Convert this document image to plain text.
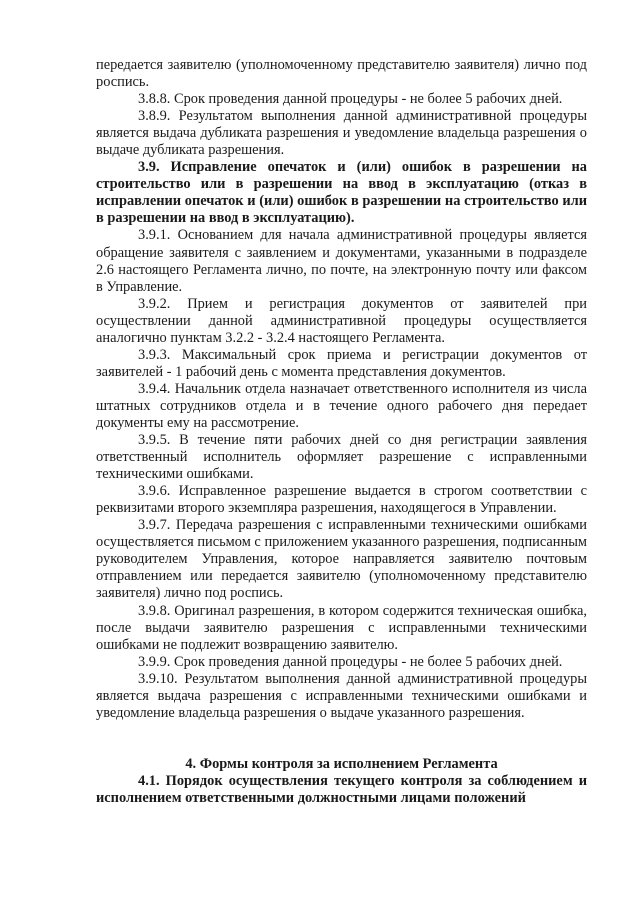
передается заявителю (уполномоченному представителю заявителя) лично под роспись.

3.8.8. Срок проведения данной процедуры - не более 5 рабочих дней.

3.8.9. Результатом выполнения данной административной процедуры является выдача дубликата разрешения и уведомление владельца разрешения о выдаче дубликата разрешения.

3.9. Исправление опечаток и (или) ошибок в разрешении на строительство или в разрешении на ввод в эксплуатацию (отказ в исправлении опечаток и (или) ошибок в разрешении на строительство или в разрешении на ввод в эксплуатацию).

3.9.1. Основанием для начала административной процедуры является обращение заявителя с заявлением и документами, указанными в подразделе 2.6 настоящего Регламента лично, по почте, на электронную почту или факсом в Управление.

3.9.2. Прием и регистрация документов от заявителей при осуществлении данной административной процедуры осуществляется аналогично пунктам 3.2.2 - 3.2.4 настоящего Регламента.

3.9.3. Максимальный срок приема и регистрации документов от заявителей - 1 рабочий день с момента представления документов.

3.9.4. Начальник отдела назначает ответственного исполнителя из числа штатных сотрудников отдела и в течение одного рабочего дня передает документы ему на рассмотрение.

3.9.5. В течение пяти рабочих дней со дня регистрации заявления ответственный исполнитель оформляет разрешение с исправленными техническими ошибками.

3.9.6. Исправленное разрешение выдается в строгом соответствии с реквизитами второго экземпляра разрешения, находящегося в Управлении.

3.9.7. Передача разрешения с исправленными техническими ошибками осуществляется письмом с приложением указанного разрешения, подписанным руководителем Управления, которое направляется заявителю почтовым отправлением или передается заявителю (уполномоченному представителю заявителя) лично под роспись.

3.9.8. Оригинал разрешения, в котором содержится техническая ошибка, после выдачи заявителю разрешения с исправленными техническими ошибками не подлежит возвращению заявителю.

3.9.9. Срок проведения данной процедуры - не более 5 рабочих дней.

3.9.10. Результатом выполнения данной административной процедуры является выдача разрешения с исправленными техническими ошибками и уведомление владельца разрешения о выдаче указанного разрешения.

4. Формы контроля за исполнением Регламента

4.1. Порядок осуществления текущего контроля за соблюдением и исполнением ответственными должностными лицами положений
